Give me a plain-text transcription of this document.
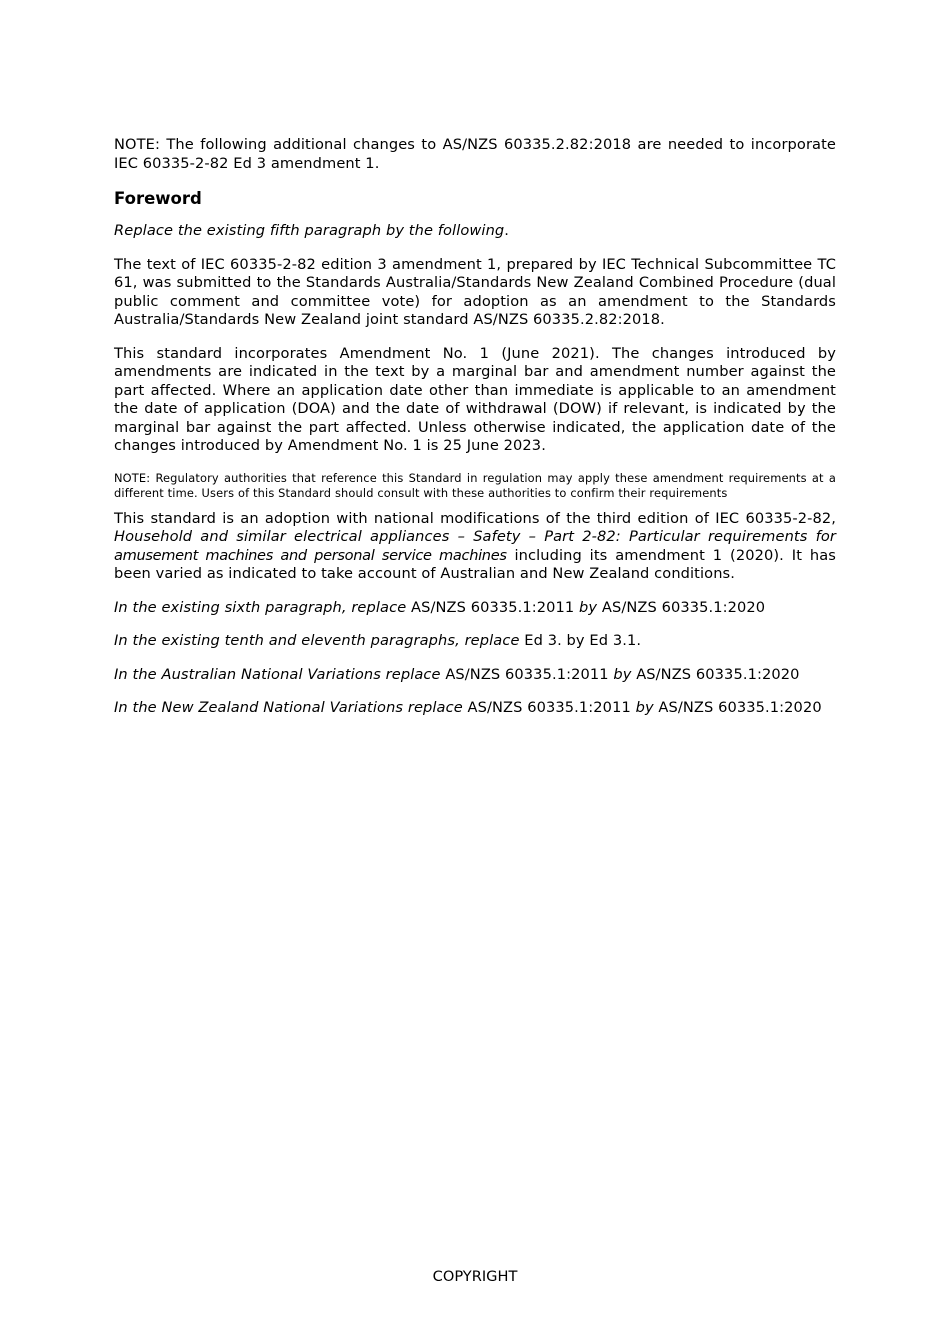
NOTE: The following additional changes to AS/NZS 60335.2.82:2018 are needed to incorporate IEC 60335-2-82 Ed 3 amendment 1.

Foreword

Replace the existing fifth paragraph by the following.

The text of IEC 60335-2-82 edition 3 amendment 1, prepared by IEC Technical Subcommittee TC 61, was submitted to the Standards Australia/Standards New Zealand Combined Procedure (dual public comment and committee vote) for adoption as an amendment to the Standards Australia/Standards New Zealand joint standard AS/NZS 60335.2.82:2018.

This standard incorporates Amendment No. 1 (June 2021). The changes introduced by amendments are indicated in the text by a marginal bar and amendment number against the part affected. Where an application date other than immediate is applicable to an amendment the date of application (DOA) and the date of withdrawal (DOW) if relevant, is indicated by the marginal bar against the part affected. Unless otherwise indicated, the application date of the changes introduced by Amendment No. 1 is 25 June 2023.

NOTE: Regulatory authorities that reference this Standard in regulation may apply these amendment requirements at a different time. Users of this Standard should consult with these authorities to confirm their requirements

This standard is an adoption with national modifications of the third edition of IEC 60335-2-82, Household and similar electrical appliances – Safety – Part 2-82: Particular requirements for amusement machines and personal service machines including its amendment 1 (2020). It has been varied as indicated to take account of Australian and New Zealand conditions.

In the existing sixth paragraph, replace AS/NZS 60335.1:2011 by AS/NZS 60335.1:2020

In the existing tenth and eleventh paragraphs, replace Ed 3. by Ed 3.1.

In the Australian National Variations replace AS/NZS 60335.1:2011 by AS/NZS 60335.1:2020

In the New Zealand National Variations replace AS/NZS 60335.1:2011 by AS/NZS 60335.1:2020

COPYRIGHT
